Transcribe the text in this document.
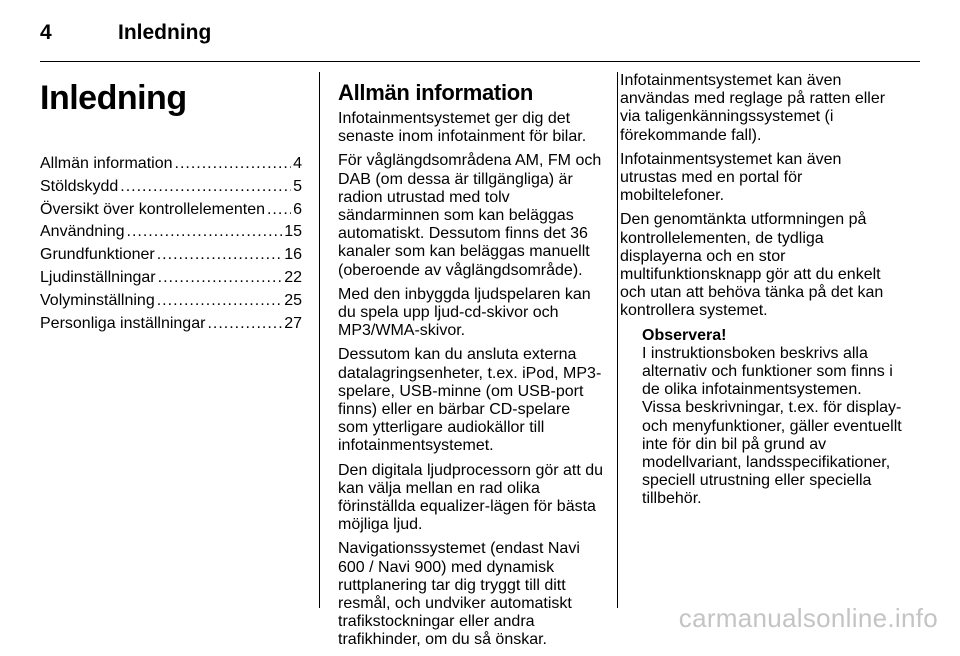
4	Inledning
Inledning
Allmän information .....	4
Stöldskydd .....	5
Översikt över kontrollelementen ..... 6
Användning .....	15
Grundfunktioner .....	16
Ljudinställningar .....	22
Volyminställning .....	25
Personliga inställningar .....	27
Allmän information

Infotainmentsystemet ger dig det senaste inom infotainment för bilar.

För våglängdsområdena AM, FM och DAB (om dessa är tillgängliga) är radion utrustad med tolv sändarminnen som kan beläggas automatiskt. Dessutom finns det 36 kanaler som kan beläggas manuellt (oberoende av våglängdsområde).

Med den inbyggda ljudspelaren kan du spela upp ljud-cd-skivor och MP3/WMA-skivor.

Dessutom kan du ansluta externa datalagringsenheter, t.ex. iPod, MP3-spelare, USB-minne (om USB-port finns) eller en bärbar CD-spelare som ytterligare audiokällor till infotainmentsystemet.

Den digitala ljudprocessorn gör att du kan välja mellan en rad olika förinställda equalizer-lägen för bästa möjliga ljud.

Navigationssystemet (endast Navi 600 / Navi 900) med dynamisk ruttplanering tar dig tryggt till ditt resmål, och undviker automatiskt trafikstockningar eller andra trafikhinder, om du så önskar.

Infotainmentsystemet kan även användas med reglage på ratten eller via taligenkänningssystemet (i förekommande fall).

Infotainmentsystemet kan även utrustas med en portal för mobiltelefoner.

Den genomtänkta utformningen på kontrollelementen, de tydliga displayerna och en stor multifunktionsknapp gör att du enkelt och utan att behöva tänka på det kan kontrollera systemet.

Observera!
I instruktionsboken beskrivs alla alternativ och funktioner som finns i de olika infotainmentsystemen. Vissa beskrivningar, t.ex. för display- och menyfunktioner, gäller eventuellt inte för din bil på grund av modellvariant, landsspecifikationer, speciell utrustning eller speciella tillbehör.
carmanualsonline.info
